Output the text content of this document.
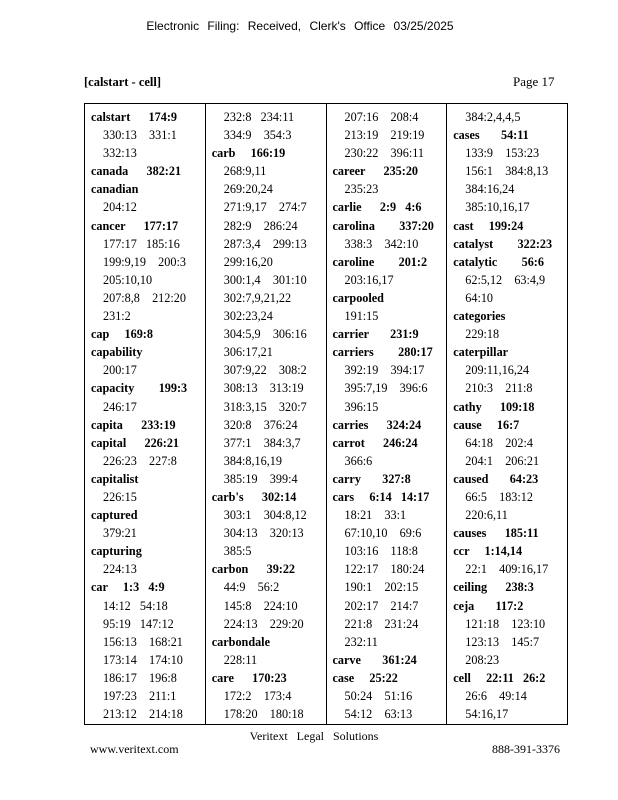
Electronic Filing: Received, Clerk's Office 03/25/2025
[calstart - cell]	Page 17
calstart      174:9
330:13    331:1
332:13
canada      382:21
canadian
204:12
cancer      177:17
177:17   185:16
199:9,19    200:3
205:10,10
207:8,8    212:20
231:2
cap     169:8
capability
200:17
capacity        199:3
246:17
capita      233:19
capital      226:21
226:23    227:8
capitalist
226:15
captured
379:21
capturing
224:13
car     1:3   4:9
14:12   54:18
95:19   147:12
156:13    168:21
173:14    174:10
186:17    196:8
197:23    211:1
213:12    214:18
232:8   234:11
334:9    354:3
carb     166:19
268:9,11
269:20,24
271:9,17    274:7
282:9    286:24
287:3,4    299:13
299:16,20
300:1,4    301:10
302:7,9,21,22
302:23,24
304:5,9    306:16
306:17,21
307:9,22    308:2
308:13    313:19
318:3,15    320:7
320:8    376:24
377:1    384:3,7
384:8,16,19
385:19    399:4
carb's      302:14
303:1    304:8,12
304:13    320:13
385:5
carbon      39:22
44:9    56:2
145:8    224:10
224:13    229:20
carbondale
228:11
care      170:23
172:2    173:4
178:20    180:18
207:16    208:4
213:19    219:19
230:22    396:11
career      235:20
235:23
carlie      2:9   4:6
carolina        337:20
338:3    342:10
caroline        201:2
203:16,17
carpooled
191:15
carrier       231:9
carriers        280:17
392:19    394:17
395:7,19    396:6
396:15
carries      324:24
carrot      246:24
366:6
carry       327:8
cars     6:14   14:17
18:21    33:1
67:10,10    69:6
103:16    118:8
122:17    180:24
190:1    202:15
202:17    214:7
221:8    231:24
232:11
carve       361:24
case     25:22
50:24    51:16
54:12    63:13
384:2,4,4,5
cases       54:11
133:9    153:23
156:1    384:8,13
384:16,24
385:10,16,17
cast     199:24
catalyst        322:23
catalytic        56:6
62:5,12    63:4,9
64:10
categories
229:18
caterpillar
209:11,16,24
210:3    211:8
cathy      109:18
cause     16:7
64:18    202:4
204:1    206:21
caused       64:23
66:5    183:12
220:6,11
causes      185:11
ccr     1:14,14
22:1    409:16,17
ceiling      238:3
ceja       117:2
121:18    123:10
123:13    145:7
208:23
cell     22:11   26:2
26:6    49:14
54:16,17
Veritext Legal Solutions
www.veritext.com	888-391-3376
